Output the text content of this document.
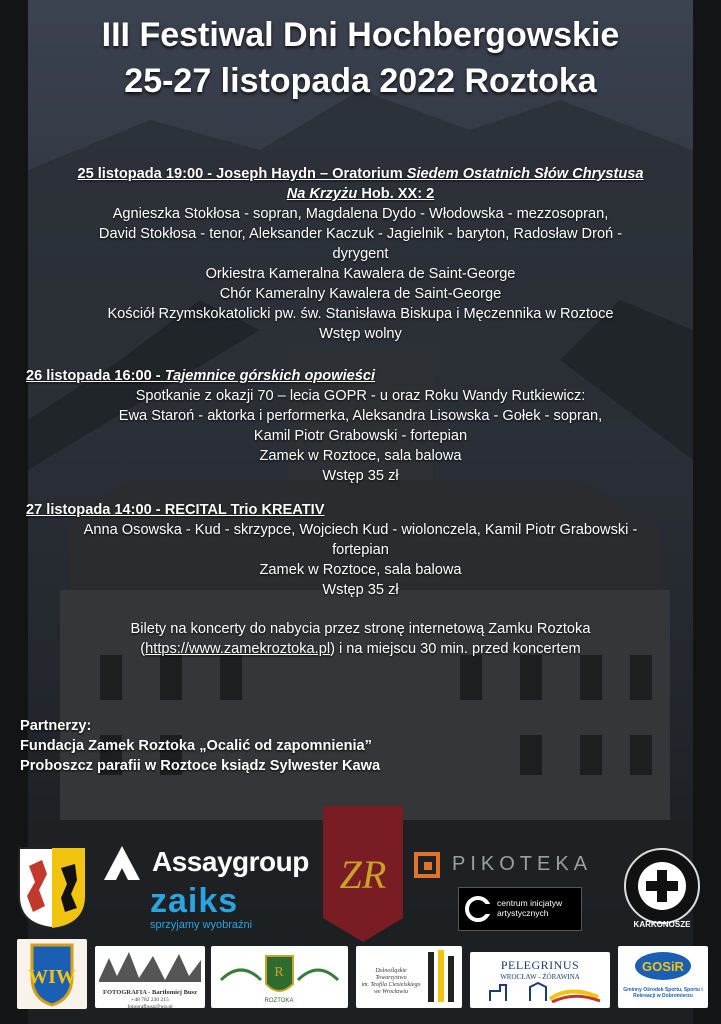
III Festiwal Dni Hochbergowskie
25-27 listopada 2022 Roztoka
25 listopada 19:00 - Joseph Haydn – Oratorium Siedem Ostatnich Słów Chrystusa
Na Krzyżu Hob. XX: 2
Agnieszka Stokłosa - sopran, Magdalena Dydo - Włodowska - mezzosopran,
David Stokłosa - tenor, Aleksander Kaczuk - Jagielnik - baryton, Radosław Droń -
dyrygent
Orkiestra Kameralna Kawalera de Saint-George
Chór Kameralny Kawalera de Saint-George
Kościół Rzymskokatolicki pw. św. Stanisława Biskupa i Męczennika w Roztoce
Wstęp wolny
26 listopada 16:00 - Tajemnice górskich opowieści
Spotkanie z okazji 70 – lecia GOPR - u oraz Roku Wandy Rutkiewicz:
Ewa Staroń - aktorka i performerka, Aleksandra Lisowska - Gołek - sopran,
Kamil Piotr Grabowski - fortepian
Zamek w Roztoce, sala balowa
Wstęp 35 zł
27 listopada 14:00 - RECITAL Trio KREATIV
Anna Osowska - Kud - skrzypce, Wojciech Kud - wiolonczela, Kamil Piotr Grabowski -
fortepian
Zamek w Roztoce, sala balowa
Wstęp 35 zł
Bilety na koncerty do nabycia przez stronę internetową Zamku Roztoka
(https://www.zamekroztoka.pl) i na miejscu 30 min. przed koncertem
Partnerzy:
Fundacja Zamek Roztoka „Ocalić od zapomnienia”
Proboszcz parafii w Roztoce ksiądz Sylwester Kawa
Assaygroup
zaiks
sprzyjamy wyobraźni
ZR	PIKOTEKA
centrum inicjatyw
artystycznych
KARKONOSZE
WIW
FOTOGRAFIA - Bartłomiej Busz
+48 782 230 215
fotografbusz@wp.pl
R
ROZTOKA
Dolnośląskie Towarzystwo
im. Teofila Ciesielskiego
we Wrocławiu
PELEGRINUS
WROCŁAW - ŻÓRAWINA
GOSiR
Gminny Ośrodek Sportu, Sportu i Rekreacji w Dobromierzu
